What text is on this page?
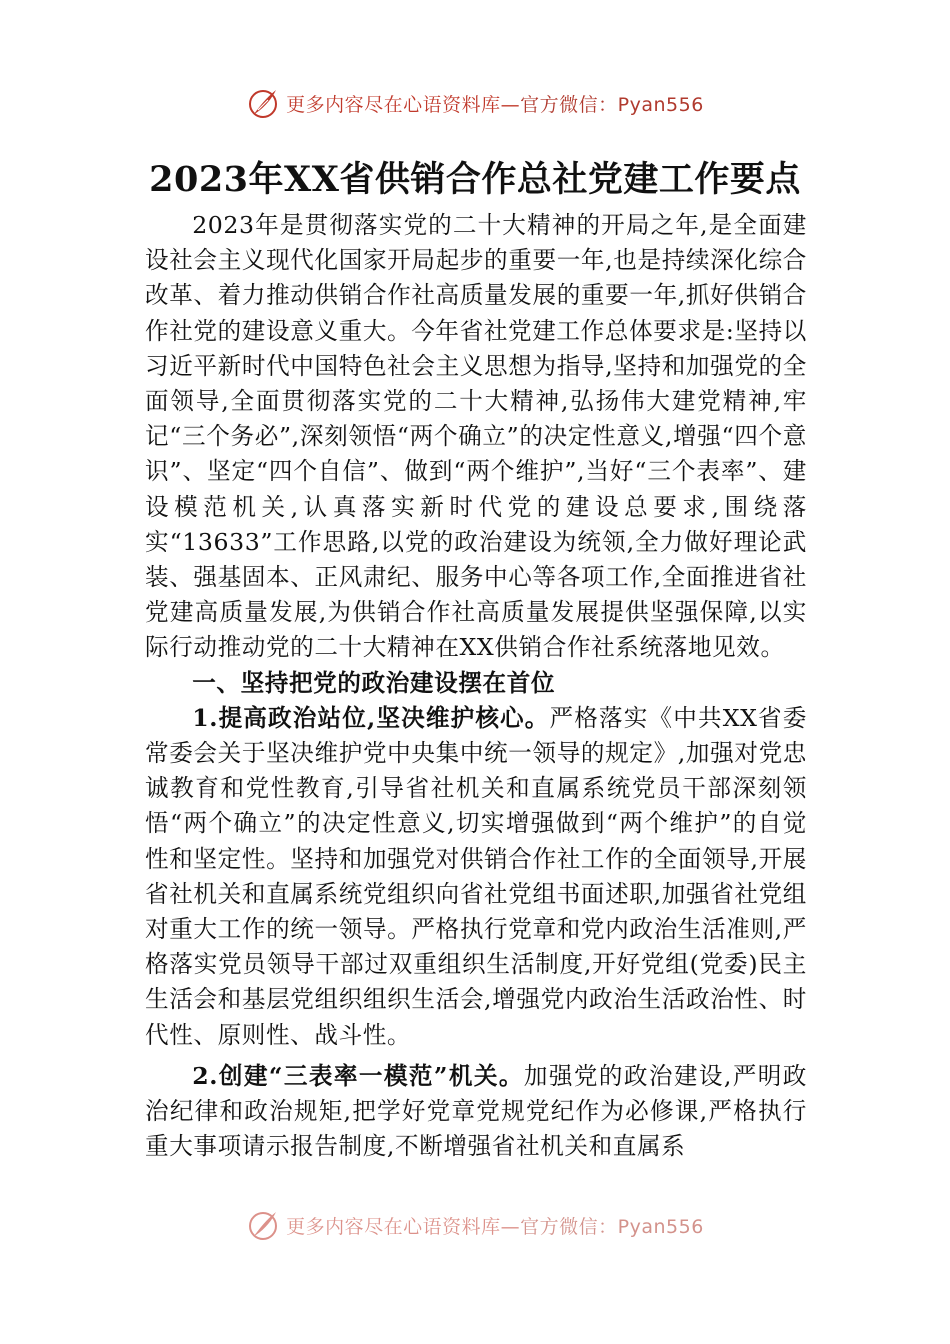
更多内容尽在心语资料库—官方微信：Pyan556
2023年XX省供销合作总社党建工作要点

2023年是贯彻落实党的二十大精神的开局之年,是全面建设社会主义现代化国家开局起步的重要一年,也是持续深化综合改革、着力推动供销合作社高质量发展的重要一年,抓好供销合作社党的建设意义重大。今年省社党建工作总体要求是:坚持以习近平新时代中国特色社会主义思想为指导,坚持和加强党的全面领导,全面贯彻落实党的二十大精神,弘扬伟大建党精神,牢记“三个务必”,深刻领悟“两个确立”的决定性意义,增强“四个意识”、坚定“四个自信”、做到“两个维护”,当好“三个表率”、建设模范机关,认真落实新时代党的建设总要求,围绕落实“13633”工作思路,以党的政治建设为统领,全力做好理论武装、强基固本、正风肃纪、服务中心等各项工作,全面推进省社党建高质量发展,为供销合作社高质量发展提供坚强保障,以实际行动推动党的二十大精神在XX供销合作社系统落地见效。

一、坚持把党的政治建设摆在首位

1.提高政治站位,坚决维护核心。严格落实《中共XX省委常委会关于坚决维护党中央集中统一领导的规定》,加强对党忠诚教育和党性教育,引导省社机关和直属系统党员干部深刻领悟“两个确立”的决定性意义,切实增强做到“两个维护”的自觉性和坚定性。坚持和加强党对供销合作社工作的全面领导,开展省社机关和直属系统党组织向省社党组书面述职,加强省社党组对重大工作的统一领导。严格执行党章和党内政治生活准则,严格落实党员领导干部过双重组织生活制度,开好党组(党委)民主生活会和基层党组织组织生活会,增强党内政治生活政治性、时代性、原则性、战斗性。

2.创建“三表率一模范”机关。加强党的政治建设,严明政治纪律和政治规矩,把学好党章党规党纪作为必修课,严格执行重大事项请示报告制度,不断增强省社机关和直属系

更多内容尽在心语资料库—官方微信：Pyan556
